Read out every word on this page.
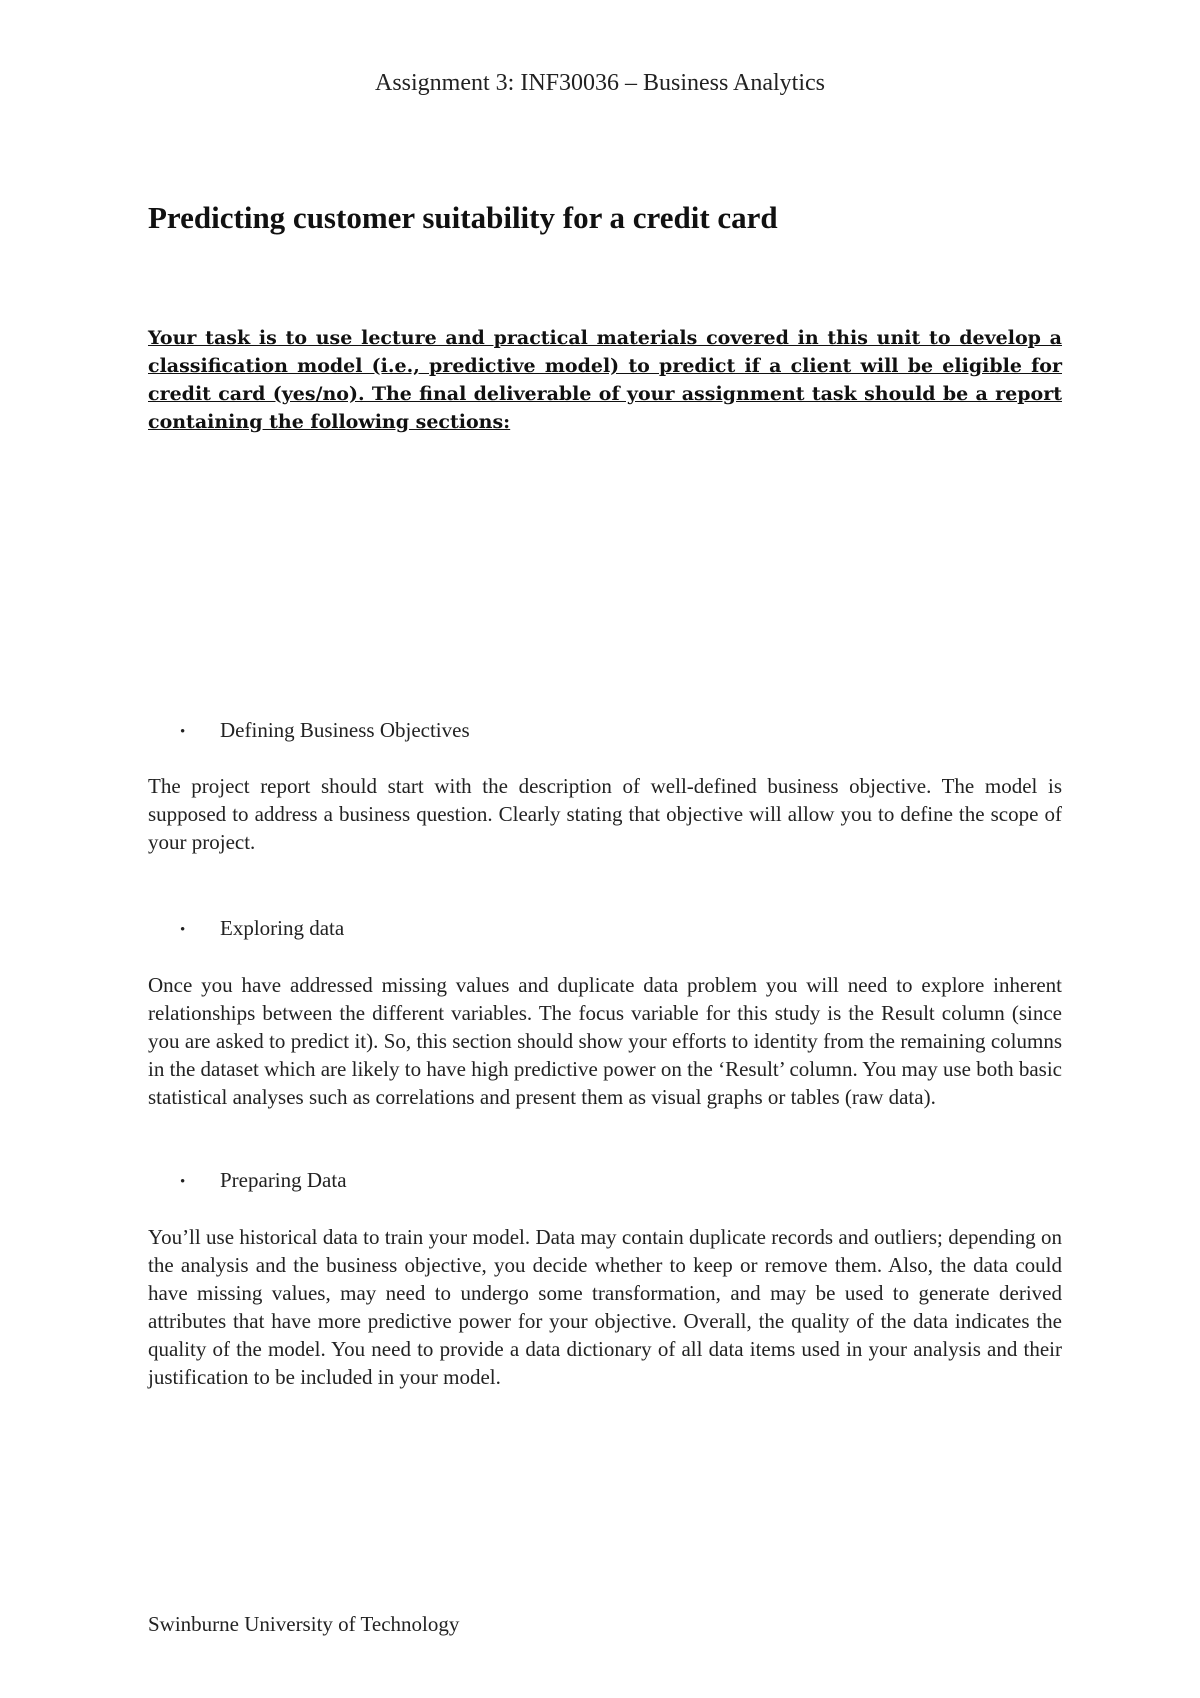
Assignment 3: INF30036 – Business Analytics
Predicting customer suitability for a credit card
Your task is to use lecture and practical materials covered in this unit to develop a classification model (i.e., predictive model) to predict if a client will be eligible for credit card (yes/no). The final deliverable of your assignment task should be a report containing the following sections:
• Defining Business Objectives
The project report should start with the description of well-defined business objective. The model is supposed to address a business question. Clearly stating that objective will allow you to define the scope of your project.
• Exploring data
Once you have addressed missing values and duplicate data problem you will need to explore inherent relationships between the different variables. The focus variable for this study is the Result column (since you are asked to predict it). So, this section should show your efforts to identity from the remaining columns in the dataset which are likely to have high predictive power on the ‘Result’ column. You may use both basic statistical analyses such as correlations and present them as visual graphs or tables (raw data).
• Preparing Data
You’ll use historical data to train your model. Data may contain duplicate records and outliers; depending on the analysis and the business objective, you decide whether to keep or remove them. Also, the data could have missing values, may need to undergo some transformation, and may be used to generate derived attributes that have more predictive power for your objective. Overall, the quality of the data indicates the quality of the model. You need to provide a data dictionary of all data items used in your analysis and their justification to be included in your model.
Swinburne University of Technology
